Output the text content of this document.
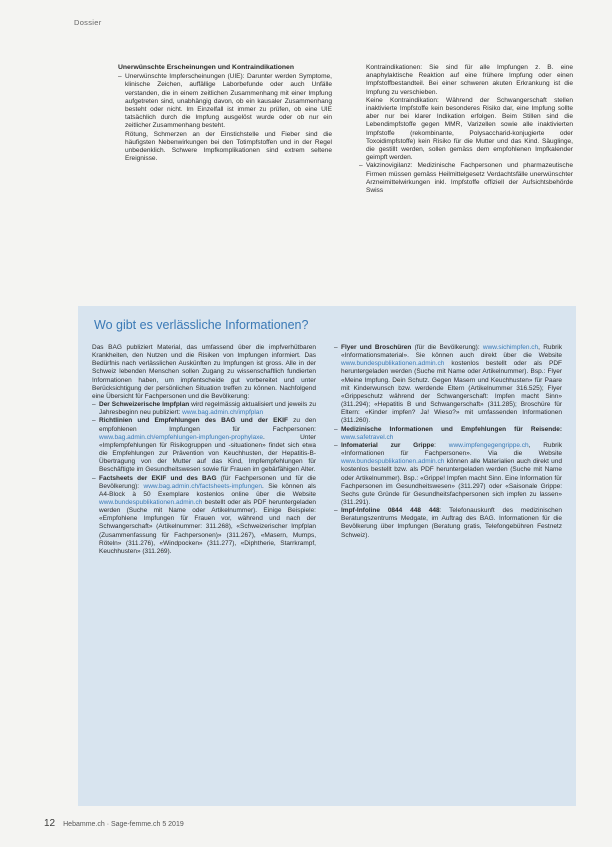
Dossier
Unerwünschte Erscheinungen und Kontraindikationen

– Unerwünschte Impferscheinungen (UIE): Darunter werden Symptome, klinische Zeichen, auffällige Laborbefunde oder auch Unfälle verstanden, die in einem zeitlichen Zusammenhang mit einer Impfung aufgetreten sind, unabhängig davon, ob ein kausaler Zusammenhang besteht oder nicht. Im Einzelfall ist immer zu prüfen, ob eine UIE tatsächlich durch die Impfung ausgelöst wurde oder ob nur ein zeitlicher Zusammenhang besteht.

Rötung, Schmerzen an der Einstichstelle und Fieber sind die häufigsten Nebenwirkungen bei den Totimpfstoffen und in der Regel unbedenklich. Schwere Impfkomplikationen sind extrem seltene Ereignisse.

Kontraindikationen: Sie sind für alle Impfungen z. B. eine anaphylaktische Reaktion auf eine frühere Impfung oder einen Impfstoffbestandteil. Bei einer schweren akuten Erkrankung ist die Impfung zu verschieben.

Keine Kontraindikation: Während der Schwangerschaft stellen inaktivierte Impfstoffe kein besonderes Risiko dar, eine Impfung sollte aber nur bei klarer Indikation erfolgen. Beim Stillen sind die Lebendimpfstoffe gegen MMR, Varizellen sowie alle inaktivierten Impfstoffe (rekombinante, Polysaccharid-konjugierte oder Toxoidimpfstoffe) kein Risiko für die Mutter und das Kind. Säuglinge, die gestillt werden, sollen gemäss dem empfohlenen Impfkalender geimpft werden.

– Vakzinovigilanz: Medizinische Fachpersonen und pharmazeutische Firmen müssen gemäss Heilmittelgesetz Verdachtsfälle unerwünschter Arzneimittelwirkungen inkl. Impfstoffe offiziell der Aufsichtsbehörde Swiss

Wo gibt es verlässliche Informationen?

Das BAG publiziert Material, das umfassend über die impfverhütbaren Krankheiten, den Nutzen und die Risiken von Impfungen informiert. Das Bedürfnis nach verlässlichen Auskünften zu Impfungen ist gross. Alle in der Schweiz lebenden Menschen sollen Zugang zu wissenschaftlich fundierten Informationen haben, um impfentscheide gut vorbereitet und unter Berücksichtigung der persönlichen Situation treffen zu können. Nachfolgend eine Übersicht für Fachpersonen und die Bevölkerung:

– Der Schweizerische Impfplan wird regelmässig aktualisiert und jeweils zu Jahresbeginn neu publiziert: www.bag.admin.ch/impfplan

– Richtlinien und Empfehlungen des BAG und der EKIF zu den empfohlenen Impfungen für Fachpersonen: www.bag.admin.ch/empfehlungen-impfungen-prophylaxe. Unter «Impfempfehlungen für Risikogruppen und -situationen» findet sich etwa die Empfehlungen zur Prävention von Keuchhusten, der Hepatitis-B-Übertragung von der Mutter auf das Kind, Impfempfehlungen für Beschäftigte im Gesundheitswesen sowie für Frauen im gebärfähigen Alter.

– Factsheets der EKIF und des BAG (für Fachpersonen und für die Bevölkerung): www.bag.admin.ch/factsheets-impfungen. Sie können als A4-Block à 50 Exemplare kostenlos online über die Website www.bundespublikationen.admin.ch bestellt oder als PDF heruntergeladen werden (Suche mit Name oder Artikelnummer). Einige Beispiele: «Empfohlene Impfungen für Frauen vor, während und nach der Schwangerschaft» (Artikelnummer: 311.268), «Schweizerischer Impfplan (Zusammenfassung für Fachpersonen)» (311.267), «Masern, Mumps, Röteln» (311.276), «Windpocken» (311.277), «Diphtherie, Starrkrampf, Keuchhusten» (311.269).

– Flyer und Broschüren (für die Bevölkerung): www.sichimpfen.ch, Rubrik «Informationsmaterial». Sie können auch direkt über die Website www.bundespublikationen.admin.ch kostenlos bestellt oder als PDF heruntergeladen werden (Suche mit Name oder Artikelnummer). Bsp.: Flyer «Meine Impfung. Dein Schutz. Gegen Masern und Keuchhusten» für Paare mit Kinderwunsch bzw. werdende Eltern (Artikelnummer 316.525); Flyer «Grippeschutz während der Schwangerschaft: Impfen macht Sinn» (311.294); «Hepatitis B und Schwangerschaft» (311.285); Broschüre für Eltern: «Kinder impfen? Ja! Wieso?» mit umfassenden Informationen (311.260).

– Medizinische Informationen und Empfehlungen für Reisende: www.safetravel.ch

– Infomaterial zur Grippe: www.impfengegengrippe.ch, Rubrik «Informationen für Fachpersonen». Via die Website www.bundespublikationen.admin.ch können alle Materialien auch direkt und kostenlos bestellt bzw. als PDF heruntergeladen werden (Suche mit Name oder Artikelnummer). Bsp.: «Grippe! Impfen macht Sinn. Eine Information für Fachpersonen im Gesundheitswesen» (311.297) oder «Saisonale Grippe: Sechs gute Gründe für Gesundheitsfachpersonen sich impfen zu lassen» (311.291).

– Impf-Infoline 0844 448 448: Telefonauskunft des medizinischen Beratungszentrums Medgate, im Auftrag des BAG. Informationen für die Bevölkerung über Impfungen (Beratung gratis, Telefongebühren Festnetz Schweiz).

12 Hebamme.ch · Sage-femme.ch 5 2019
